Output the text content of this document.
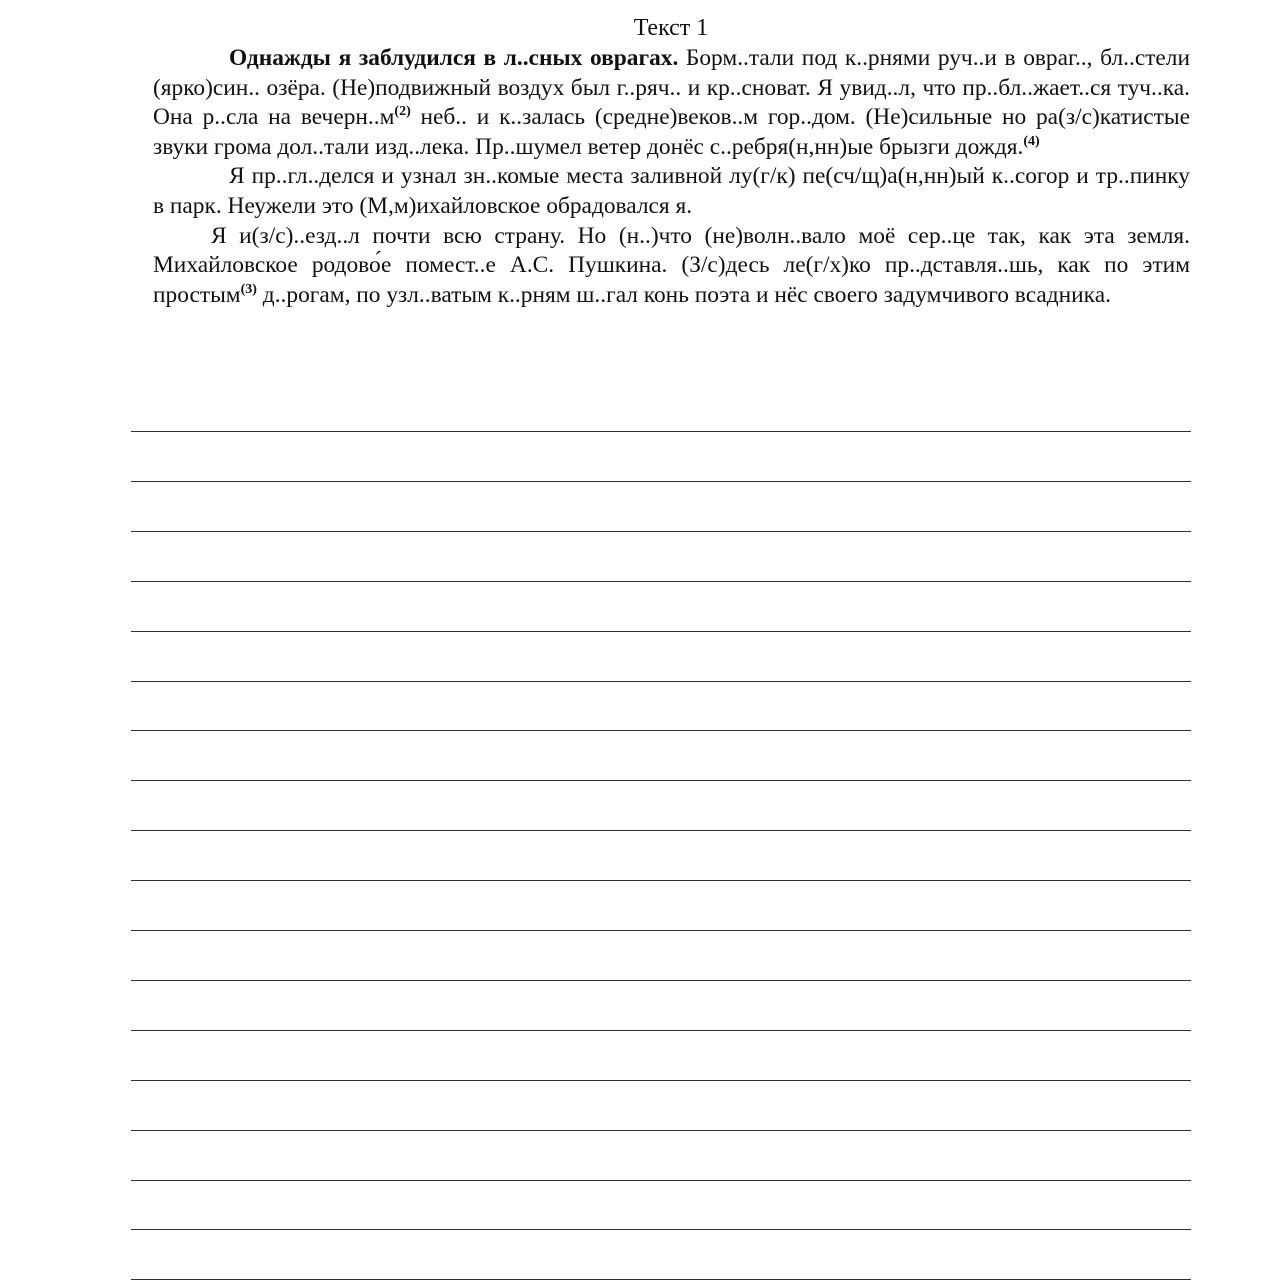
Текст 1

Однажды я заблудился в л..сных оврагах. Борм..тали под к..рнями руч..и в овраг.., бл..стели (ярко)син.. озёра. (Не)подвижный воздух был г..ряч.. и кр..сноват. Я увид..л, что пр..бл..жает..ся туч..ка. Она р..сла на вечерн..м$^{(2)}$ неб.. и к..залась (средне)веков..м гор..дом. (Не)сильные но ра(з/с)катистые звуки грома дол..тали изд..лека. Пр..шумел ветер донёс с..ребря(н,нн)ые брызги дождя.$^{(4)}$

Я пр..гл..делся и узнал зн..комые места заливной лу(г/к) пе(сч/щ)а(н,нн)ый к..согор и тр..пинку в парк. Неужели это (М,м)ихайловское обрадовался я.

Я и(з/с)..езд..л почти всю страну. Но (н..)что (не)волн..вало моё сер..це так, как эта земля. Михайловское родово́е помест..е А.С. Пушкина. (З/с)десь ле(г/х)ко пр..дставля..шь, как по этим простым$^{(3)}$ д..рогам, по узл..ватым к..рням ш..гал конь поэта и нёс своего задумчивого всадника.
